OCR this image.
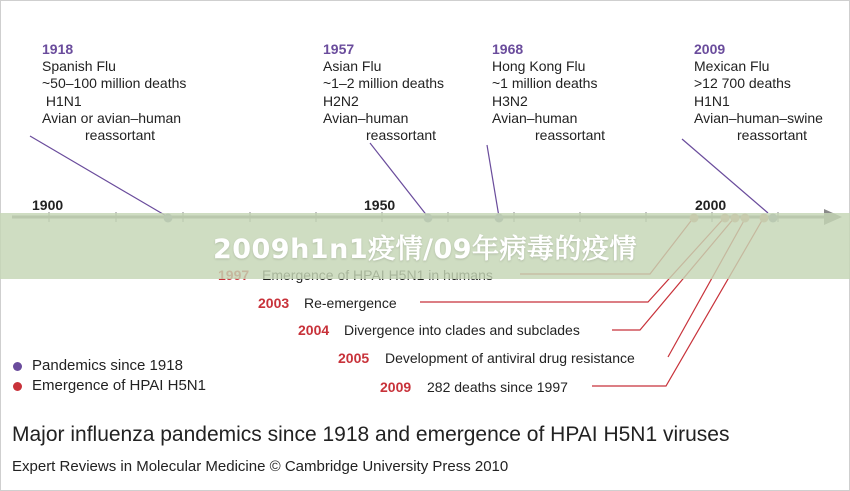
1918
Spanish Flu
~50–100 million deaths
H1N1
Avian or avian–human
reassortant
1957
Asian Flu
~1–2 million deaths
H2N2
Avian–human
reassortant
1968
Hong Kong Flu
~1 million deaths
H3N2
Avian–human
reassortant
2009
Mexican Flu
>12 700 deaths
H1N1
Avian–human–swine
reassortant
1900	1950	2000
2003 Re-emergence
2004 Divergence into clades and subclades
2005 Development of antiviral drug resistance
2009 282 deaths since 1997
Pandemics since 1918
Emergence of HPAI H5N1
2009h1n1疫情/09年病毒的疫情
Major influenza pandemics since 1918 and emergence of HPAI H5N1 viruses
Expert Reviews in Molecular Medicine © Cambridge University Press 2010
